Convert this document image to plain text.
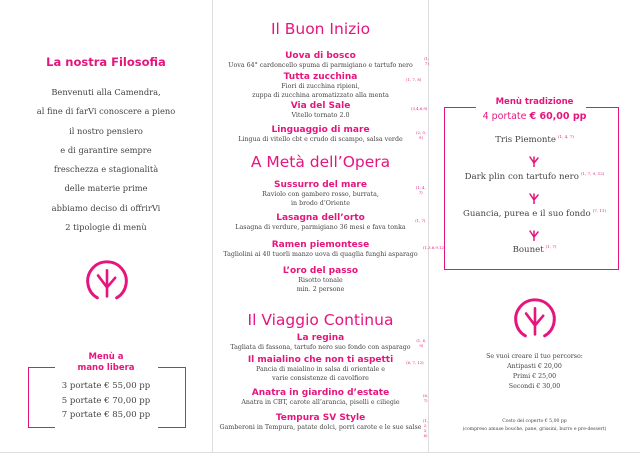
La nostra Filosofia
Benvenuti alla Camendra,
al fine di farVi conoscere a pieno
il nostro pensiero
e di garantire sempre
freschezza e stagionalità
delle materie prime
abbiamo deciso di offrirVi
2 tipologie di menù
Menù a
mano libera
3 portate € 55,00 pp
5 portate € 70,00 pp
7 portate € 85,00 pp
Il Buon Inizio
Uova di bosco
Uova 64° cardoncello spuma di parmigiano e tartufo nero
(1, 7)
Tutta zucchina
Fiori di zucchina ripieni,
zuppa di zucchina aromatizzato alla menta
(1, 7, 8)
Via del Sale
Vitello tornato 2.0
(3,4,6,9)
Linguaggio di mare
Lingua di vitello cbt e crudo di scampo, salsa verde
(2, 9, 9)
A Metà dell’Opera
Sussurro del mare
Raviolo con gambero rosso, burrata,
in brodo d’Oriente
(1, 4, 7)
Lasagna dell’orto
Lasagna di verdure, parmigiano 36 mesi e fava tonka
(1, 7)
Ramen piemontese
Tagliolini ai 40 tuorli manzo uova di quaglia funghi asparago
(1,3,6,9,12)
L’oro del passo
Risotto tonale
min. 2 persone
Il Viaggio Continua
La regina
Tagliata di fassona, tartufo nero suo fondo con asparago
(1, 6, 9)
Il maialino che non ti aspetti
Pancia di maialino in salsa di orientale e
varie consistenze di cavolfiore
(6, 7, 12)
Anatra in giardino d’estate
Anatra in CBT, carote all’arancia, piselli e ciliegie
(6, 7)
Tempura SV Style
Gamberoni in Tempura, patate dolci, porri carote e le sue salse
(1, 2, 3, 6)
Menù tradizione
4 portate € 60,00 pp
Tris Piemonte $^{(1, 4, 7)}$
Dark plin con tartufo nero $^{(1, 7, 9, 12)}$
Guancia, purea e il suo fondo $^{(7, 11)}$
Bounet $^{(1, 7)}$
Se vuoi creare il tuo percorso:
Antipasti € 20,00
Primi € 25,00
Secondi € 30,00
Costo del coperto € 5,00 pp
(compreso amuse bouche, pane, grissini, burro e pre-dessert)
